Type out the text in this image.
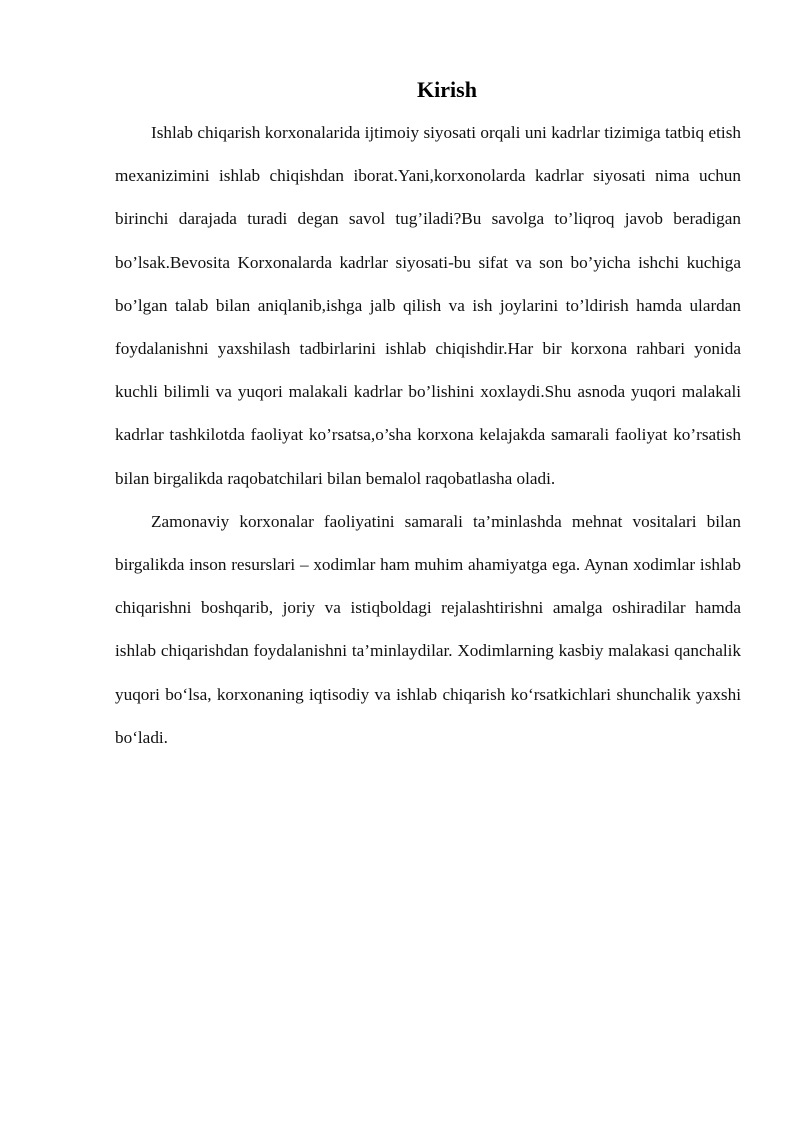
Kirish

Ishlab chiqarish korxonalarida ijtimoiy siyosati orqali uni kadrlar tizimiga tatbiq etish mexanizimini ishlab chiqishdan iborat.Yani,korxonolarda kadrlar siyosati nima uchun birinchi darajada turadi degan savol tug’iladi?Bu savolga to’liqroq javob beradigan bo’lsak.Bevosita Korxonalarda kadrlar siyosati-bu sifat va son bo’yicha ishchi kuchiga bo’lgan talab bilan aniqlanib,ishga jalb qilish va ish joylarini to’ldirish hamda ulardan foydalanishni yaxshilash tadbirlarini ishlab chiqishdir.Har bir korxona rahbari yonida kuchli bilimli va yuqori malakali kadrlar bo’lishini xoxlaydi.Shu asnoda yuqori malakali kadrlar tashkilotda faoliyat ko’rsatsa,o’sha korxona kelajakda samarali faoliyat ko’rsatish bilan birgalikda raqobatchilari bilan bemalol raqobatlasha oladi.

Zamonaviy korxonalar faoliyatini samarali ta’minlashda mehnat vositalari bilan birgalikda inson resurslari – xodimlar ham muhim ahamiyatga ega. Aynan xodimlar ishlab chiqarishni boshqarib, joriy va istiqboldagi rejalashtirishni amalga oshiradilar hamda ishlab chiqarishdan foydalanishni ta’minlaydilar. Xodimlarning kasbiy malakasi qanchalik yuqori bo‘lsa, korxonaning iqtisodiy va ishlab chiqarish ko‘rsatkichlari shunchalik yaxshi bo‘ladi.
